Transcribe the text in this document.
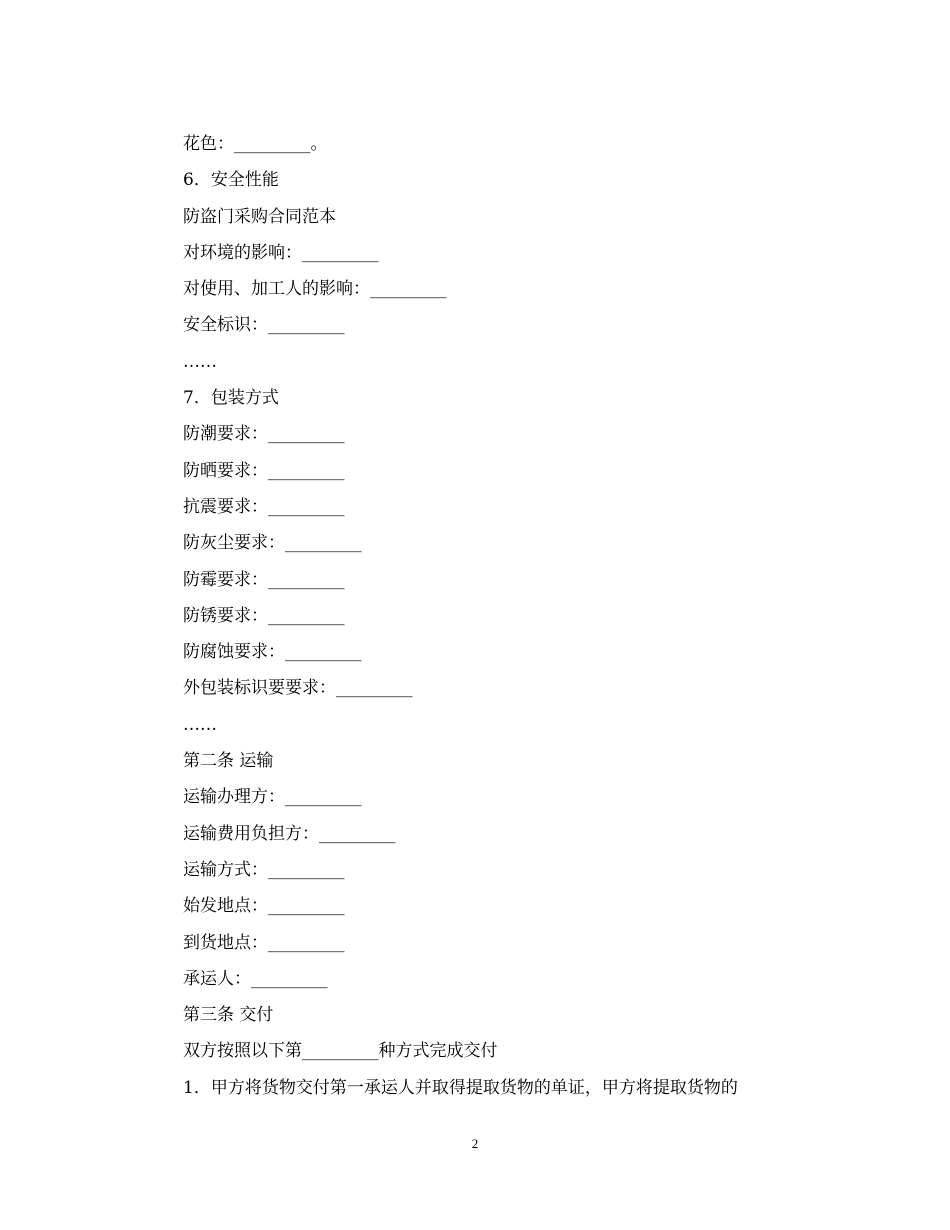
花色：_________。
6．安全性能
防盗门采购合同范本
对环境的影响：_________
对使用、加工人的影响：_________
安全标识：_________
……
7．包装方式
防潮要求：_________
防晒要求：_________
抗震要求：_________
防灰尘要求：_________
防霉要求：_________
防锈要求：_________
防腐蚀要求：_________
外包装标识要要求：_________
……
第二条 运输
运输办理方：_________
运输费用负担方：_________
运输方式：_________
始发地点：_________
到货地点：_________
承运人：_________
第三条 交付
双方按照以下第_________种方式完成交付
1．甲方将货物交付第一承运人并取得提取货物的单证，甲方将提取货物的
2
